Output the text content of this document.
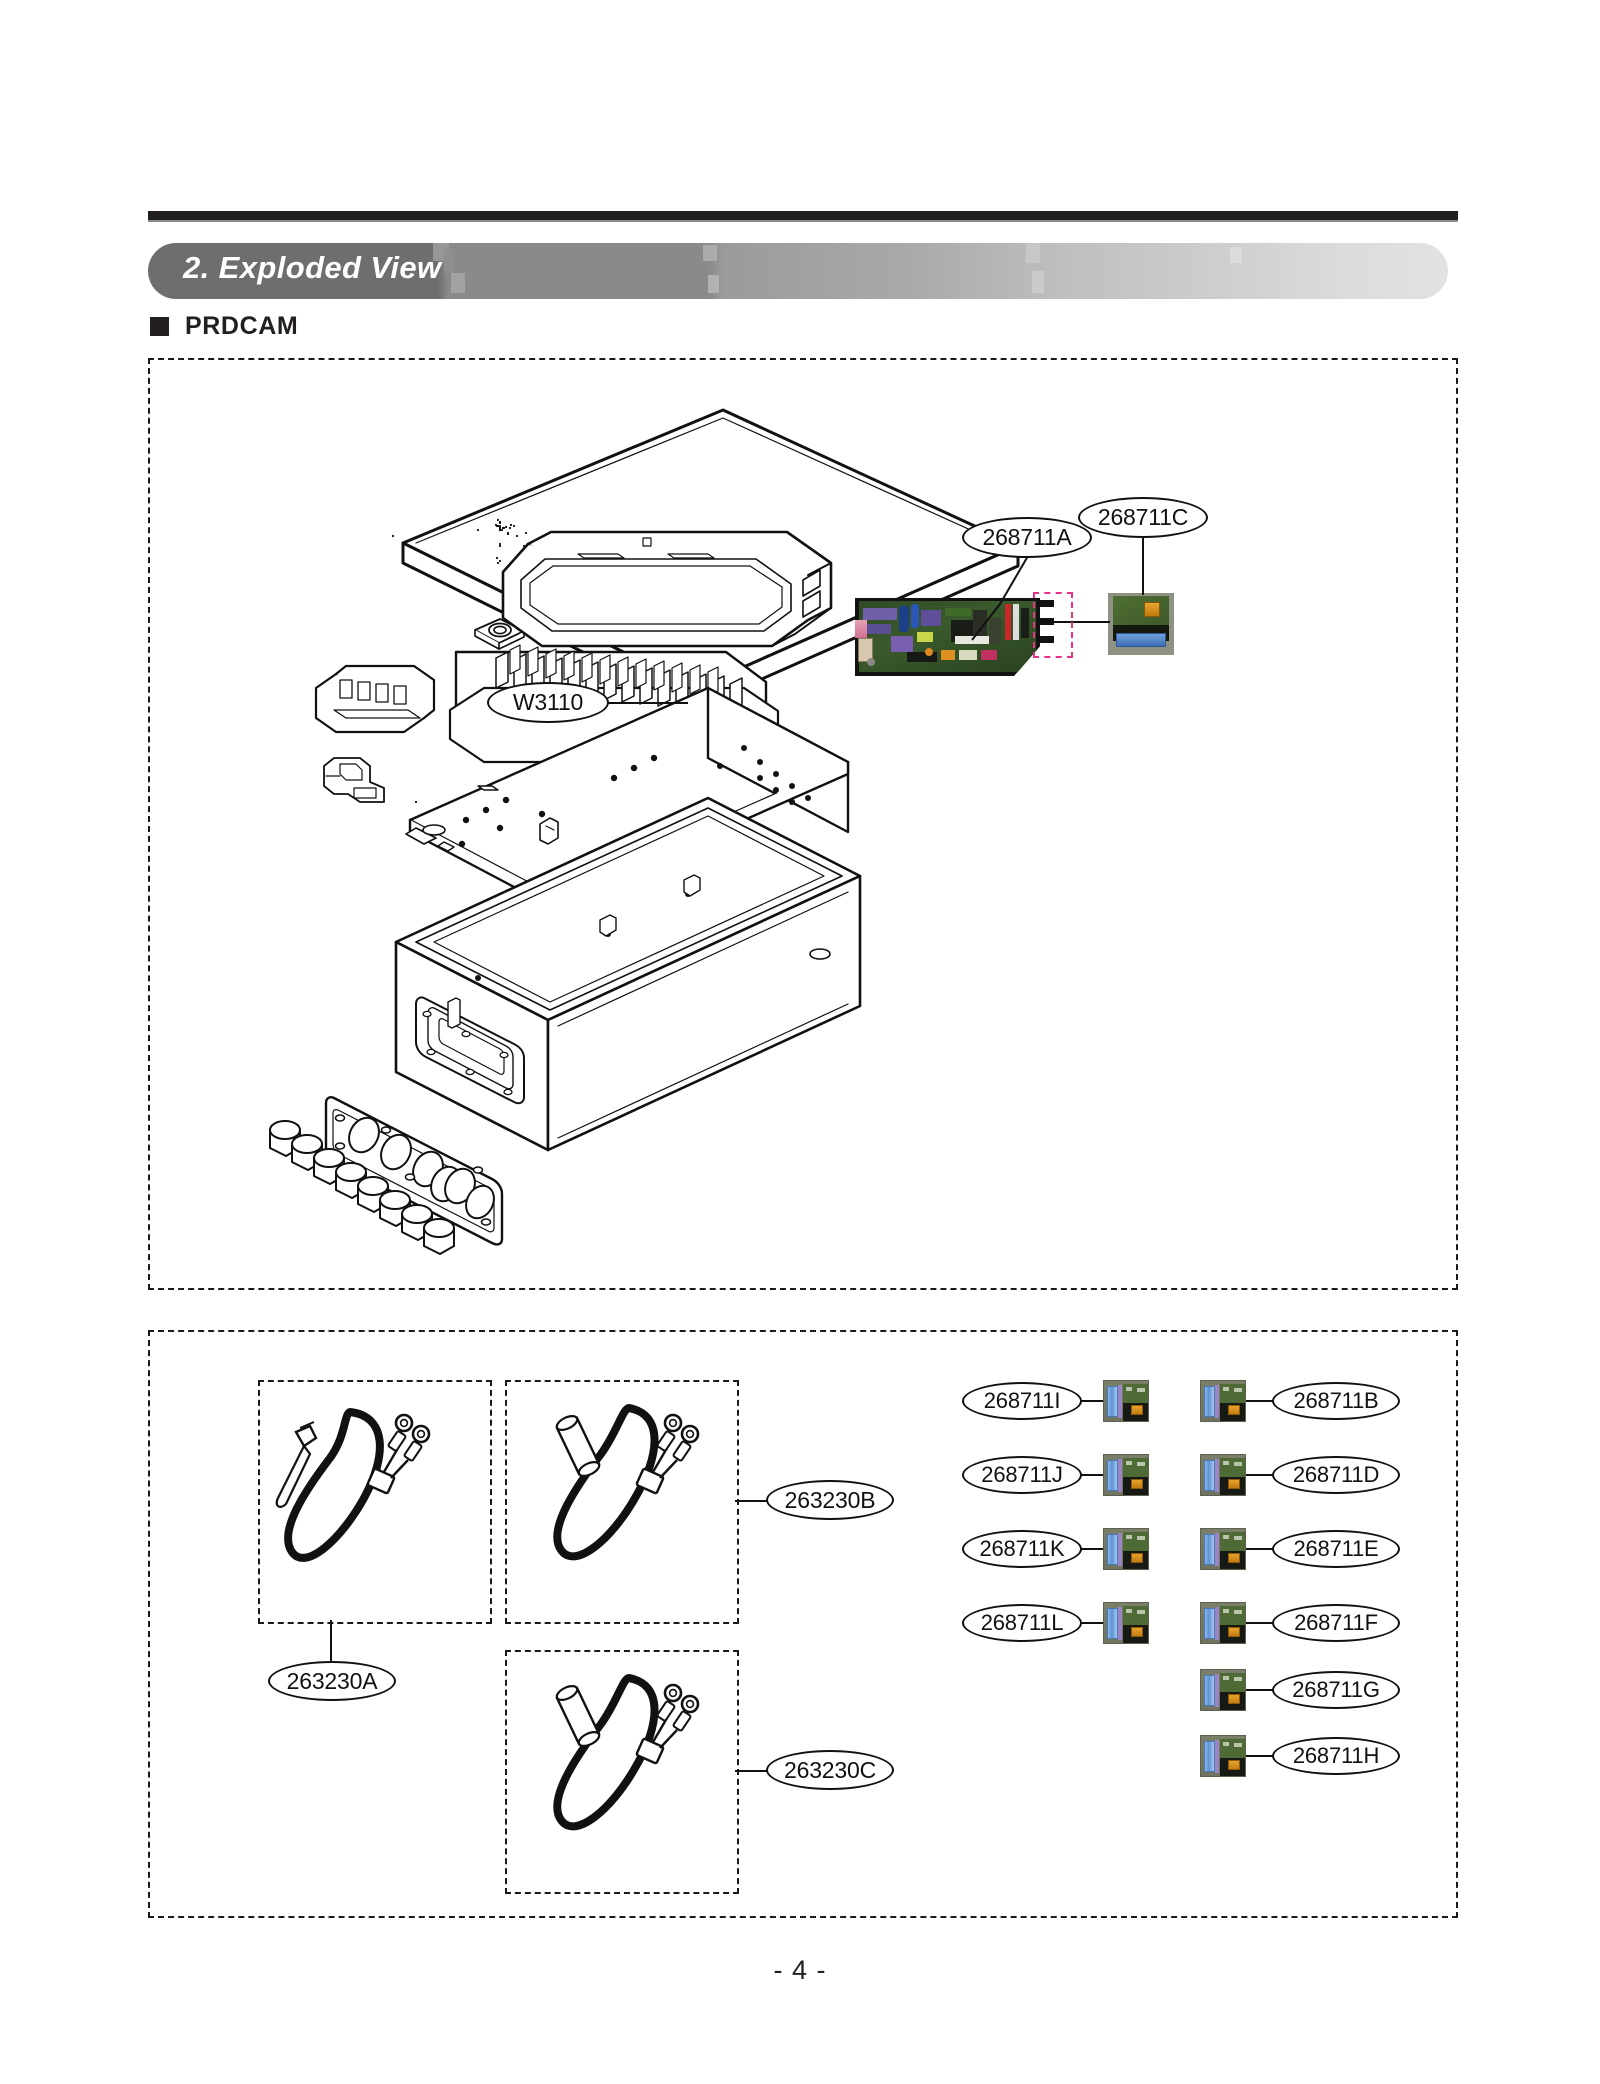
2. Exploded View
PRDCAM
268711A
268711C
W3110
263230A
263230B
263230C
268711I	268711B
268711J	268711D
268711K	268711E
268711L	268711F
268711G
268711H
- 4 -
